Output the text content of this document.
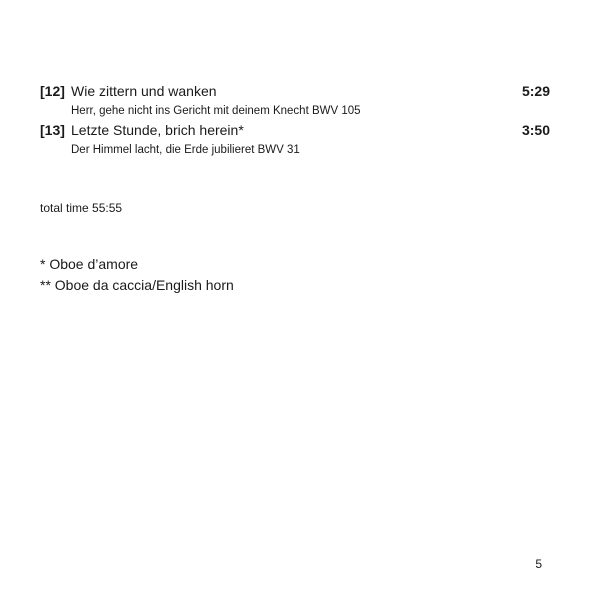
[12] Wie zittern und wanken	5:29
Herr, gehe nicht ins Gericht mit deinem Knecht BWV 105
[13] Letzte Stunde, brich herein*	3:50
Der Himmel lacht, die Erde jubilieret BWV 31
total time 55:55
* Oboe d’amore
** Oboe da caccia/English horn
5
